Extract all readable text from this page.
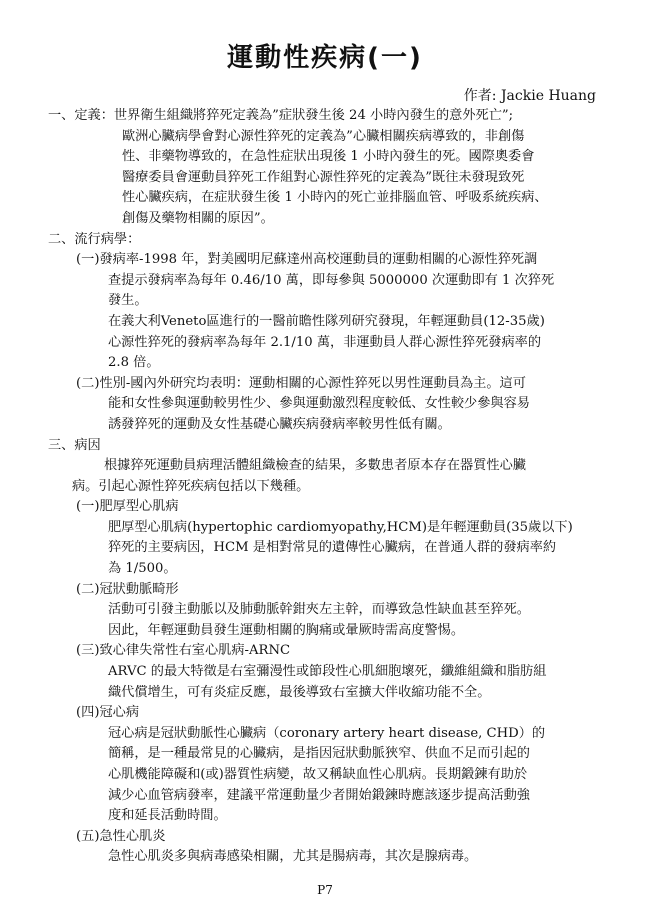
運動性疾病(一)
作者: Jackie Huang
一、定義：世界衛生組織將猝死定義為”症狀發生後 24 小時內發生的意外死亡”;
歐洲心臟病學會對心源性猝死的定義為”心臟相關疾病導致的，非創傷
性、非藥物導致的，在急性症狀出現後 1 小時內發生的死。國際奧委會
醫療委員會運動員猝死工作組對心源性猝死的定義為”既往未發現致死
性心臟疾病，在症狀發生後 1 小時內的死亡並排腦血管、呼吸系統疾病、
創傷及藥物相關的原因”。
二、流行病學：
(一)發病率-1998 年，對美國明尼蘇達州高校運動員的運動相關的心源性猝死調
查提示發病率為每年 0.46/10 萬，即每參與 5000000 次運動即有 1 次猝死
發生。
在義大利Veneto區進行的一醫前瞻性隊列研究發現，年輕運動員(12-35歲)
心源性猝死的發病率為每年 2.1/10 萬，非運動員人群心源性猝死發病率的
2.8 倍。
(二)性別-國內外研究均表明：運動相關的心源性猝死以男性運動員為主。這可
能和女性參與運動較男性少、參與運動激烈程度較低、女性較少參與容易
誘發猝死的運動及女性基礎心臟疾病發病率較男性低有關。
三、病因
根據猝死運動員病理活體組織檢查的結果，多數患者原本存在器質性心臟
病。引起心源性猝死疾病包括以下幾種。
(一)肥厚型心肌病
肥厚型心肌病(hypertophic cardiomyopathy,HCM)是年輕運動員(35歲以下)
猝死的主要病因，HCM 是相對常見的遺傳性心臟病，在普通人群的發病率約
為 1/500。
(二)冠狀動脈畸形
活動可引發主動脈以及肺動脈幹鉗夾左主幹，而導致急性缺血甚至猝死。
因此，年輕運動員發生運動相關的胸痛或暈厥時需高度警惕。
(三)致心律失常性右室心肌病-ARNC
ARVC 的最大特徵是右室彌漫性或節段性心肌細胞壞死，纖維組織和脂肪組
織代償增生，可有炎症反應，最後導致右室擴大伴收縮功能不全。
(四)冠心病
冠心病是冠狀動脈性心臟病（coronary artery heart disease, CHD）的
簡稱，是一種最常見的心臟病，是指因冠狀動脈狹窄、供血不足而引起的
心肌機能障礙和(或)器質性病變，故又稱缺血性心肌病。長期鍛鍊有助於
減少心血管病發率，建議平常運動量少者開始鍛鍊時應該逐步提高活動強
度和延長活動時間。
(五)急性心肌炎
急性心肌炎多與病毒感染相關，尤其是腸病毒，其次是腺病毒。
P7
